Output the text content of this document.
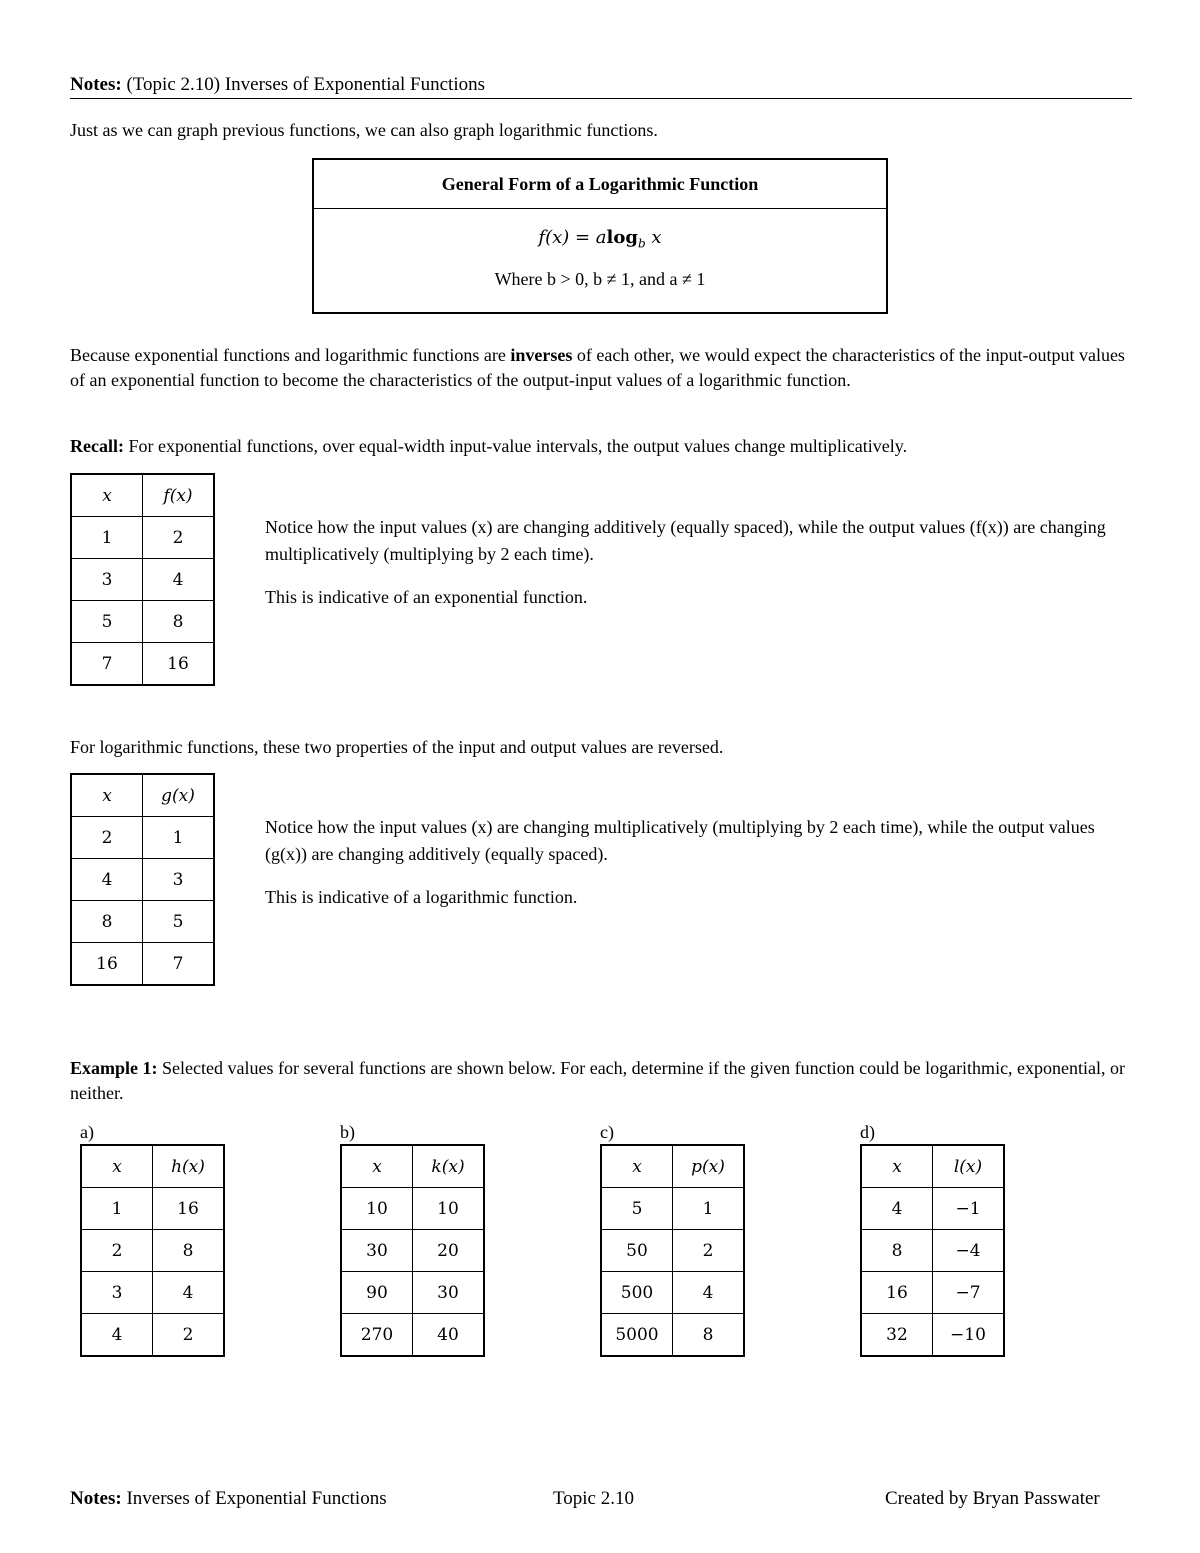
Notes: (Topic 2.10) Inverses of Exponential Functions
Just as we can graph previous functions, we can also graph logarithmic functions.
General Form of a Logarithmic Function
f(x) = alog$_b$ x
Where b > 0, b ≠ 1, and a ≠ 1
Because exponential functions and logarithmic functions are inverses of each other, we would expect the characteristics of the input-output values of an exponential function to become the characteristics of the output-input values of a logarithmic function.
Recall: For exponential functions, over equal-width input-value intervals, the output values change multiplicatively.
x	f(x)
1	2
3	4
5	8
7	16
Notice how the input values (x) are changing additively (equally spaced), while the output values (f(x)) are changing multiplicatively (multiplying by 2 each time).
This is indicative of an exponential function.
For logarithmic functions, these two properties of the input and output values are reversed.
x	g(x)
2	1
4	3
8	5
16	7
Notice how the input values (x) are changing multiplicatively (multiplying by 2 each time), while the output values (g(x)) are changing additively (equally spaced).
This is indicative of a logarithmic function.
Example 1: Selected values for several functions are shown below. For each, determine if the given function could be logarithmic, exponential, or neither.
a)
x	h(x)
1	16
2	8
3	4
4	2
b)
x	k(x)
10	10
30	20
90	30
270	40
c)
x	p(x)
5	1
50	2
500	4
5000	8
d)
x	l(x)
4	−1
8	−4
16	−7
32	−10
Notes: Inverses of Exponential Functions	Topic 2.10	Created by Bryan Passwater
